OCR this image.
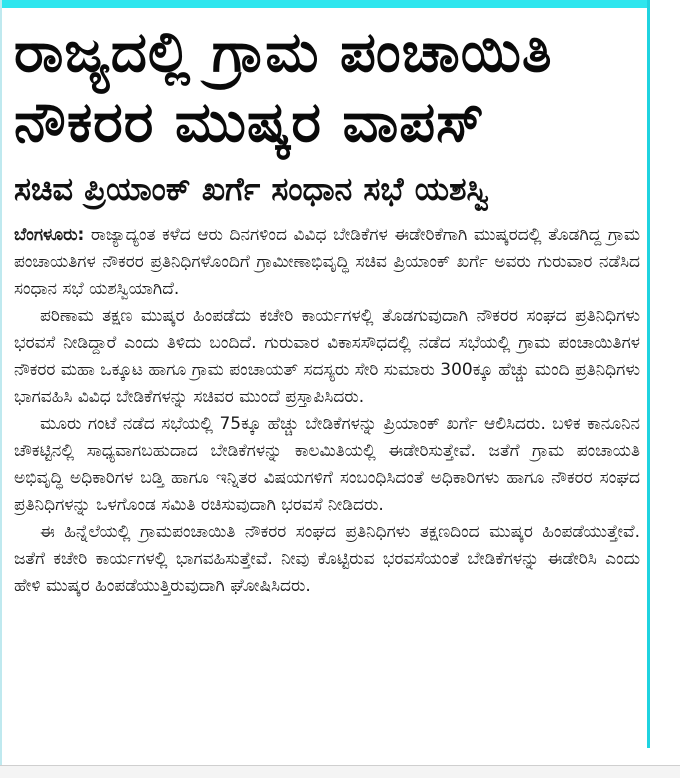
ರಾಜ್ಯದಲ್ಲಿ ಗ್ರಾಮ ಪಂಚಾಯಿತಿ
ನೌಕರರ ಮುಷ್ಕರ ವಾಪಸ್
ಸಚಿವ ಪ್ರಿಯಾಂಕ್ ಖರ್ಗೆ ಸಂಧಾನ ಸಭೆ ಯಶಸ್ವಿ

ಬೆಂಗಳೂರು: ರಾಜ್ಯಾದ್ಯಂತ ಕಳೆದ ಆರು ದಿನಗಳಿಂದ ವಿವಿಧ ಬೇಡಿಕೆಗಳ ಈಡೇರಿಕೆಗಾಗಿ ಮುಷ್ಕರದಲ್ಲಿ ತೊಡಗಿದ್ದ ಗ್ರಾಮ ಪಂಚಾಯತಿಗಳ ನೌಕರರ ಪ್ರತಿನಿಧಿಗಳೊಂದಿಗೆ ಗ್ರಾಮೀಣಾಭಿವೃದ್ಧಿ ಸಚಿವ ಪ್ರಿಯಾಂಕ್ ಖರ್ಗೆ ಅವರು ಗುರುವಾರ ನಡೆಸಿದ ಸಂಧಾನ ಸಭೆ ಯಶಸ್ವಿಯಾಗಿದೆ.

ಪರಿಣಾಮ ತಕ್ಷಣ ಮುಷ್ಕರ ಹಿಂಪಡೆದು ಕಚೇರಿ ಕಾರ್ಯಗಳಲ್ಲಿ ತೊಡಗುವುದಾಗಿ ನೌಕರರ ಸಂಘದ ಪ್ರತಿನಿಧಿಗಳು ಭರವಸೆ ನೀಡಿದ್ದಾರೆ ಎಂದು ತಿಳಿದು ಬಂದಿದೆ. ಗುರುವಾರ ವಿಕಾಸಸೌಧದಲ್ಲಿ ನಡೆದ ಸಭೆಯಲ್ಲಿ ಗ್ರಾಮ ಪಂಚಾಯಿತಿಗಳ ನೌಕರರ ಮಹಾ ಒಕ್ಕೂಟ ಹಾಗೂ ಗ್ರಾಮ ಪಂಚಾಯತ್ ಸದಸ್ಯರು ಸೇರಿ ಸುಮಾರು 300ಕ್ಕೂ ಹೆಚ್ಚು ಮಂದಿ ಪ್ರತಿನಿಧಿಗಳು ಭಾಗವಹಿಸಿ ವಿವಿಧ ಬೇಡಿಕೆಗಳನ್ನು ಸಚಿವರ ಮುಂದೆ ಪ್ರಸ್ತಾಪಿಸಿದರು.

ಮೂರು ಗಂಟೆ ನಡೆದ ಸಭೆಯಲ್ಲಿ 75ಕ್ಕೂ ಹೆಚ್ಚು ಬೇಡಿಕೆಗಳನ್ನು ಪ್ರಿಯಾಂಕ್ ಖರ್ಗೆ ಆಲಿಸಿದರು. ಬಳಿಕ ಕಾನೂನಿನ ಚೌಕಟ್ಟಿನಲ್ಲಿ ಸಾಧ್ಯವಾಗಬಹುದಾದ ಬೇಡಿಕೆಗಳನ್ನು ಕಾಲಮಿತಿಯಲ್ಲಿ ಈಡೇರಿಸುತ್ತೇವೆ. ಜತೆಗೆ ಗ್ರಾಮ ಪಂಚಾಯತಿ ಅಭಿವೃದ್ಧಿ ಅಧಿಕಾರಿಗಳ ಬಡ್ತಿ ಹಾಗೂ ಇನ್ನಿತರ ವಿಷಯಗಳಿಗೆ ಸಂಬಂಧಿಸಿದಂತೆ ಅಧಿಕಾರಿಗಳು ಹಾಗೂ ನೌಕರರ ಸಂಘದ ಪ್ರತಿನಿಧಿಗಳನ್ನು ಒಳಗೊಂಡ ಸಮಿತಿ ರಚಿಸುವುದಾಗಿ ಭರವಸೆ ನೀಡಿದರು.

ಈ ಹಿನ್ನೆಲೆಯಲ್ಲಿ ಗ್ರಾಮಪಂಚಾಯಿತಿ ನೌಕರರ ಸಂಘದ ಪ್ರತಿನಿಧಿಗಳು ತಕ್ಷಣದಿಂದ ಮುಷ್ಕರ ಹಿಂಪಡೆಯುತ್ತೇವೆ. ಜತೆಗೆ ಕಚೇರಿ ಕಾರ್ಯಗಳಲ್ಲಿ ಭಾಗವಹಿಸುತ್ತೇವೆ. ನೀವು ಕೊಟ್ಟಿರುವ ಭರವಸೆಯಂತೆ ಬೇಡಿಕೆಗಳನ್ನು ಈಡೇರಿಸಿ ಎಂದು ಹೇಳಿ ಮುಷ್ಕರ ಹಿಂಪಡೆಯುತ್ತಿರುವುದಾಗಿ ಘೋಷಿಸಿದರು.
